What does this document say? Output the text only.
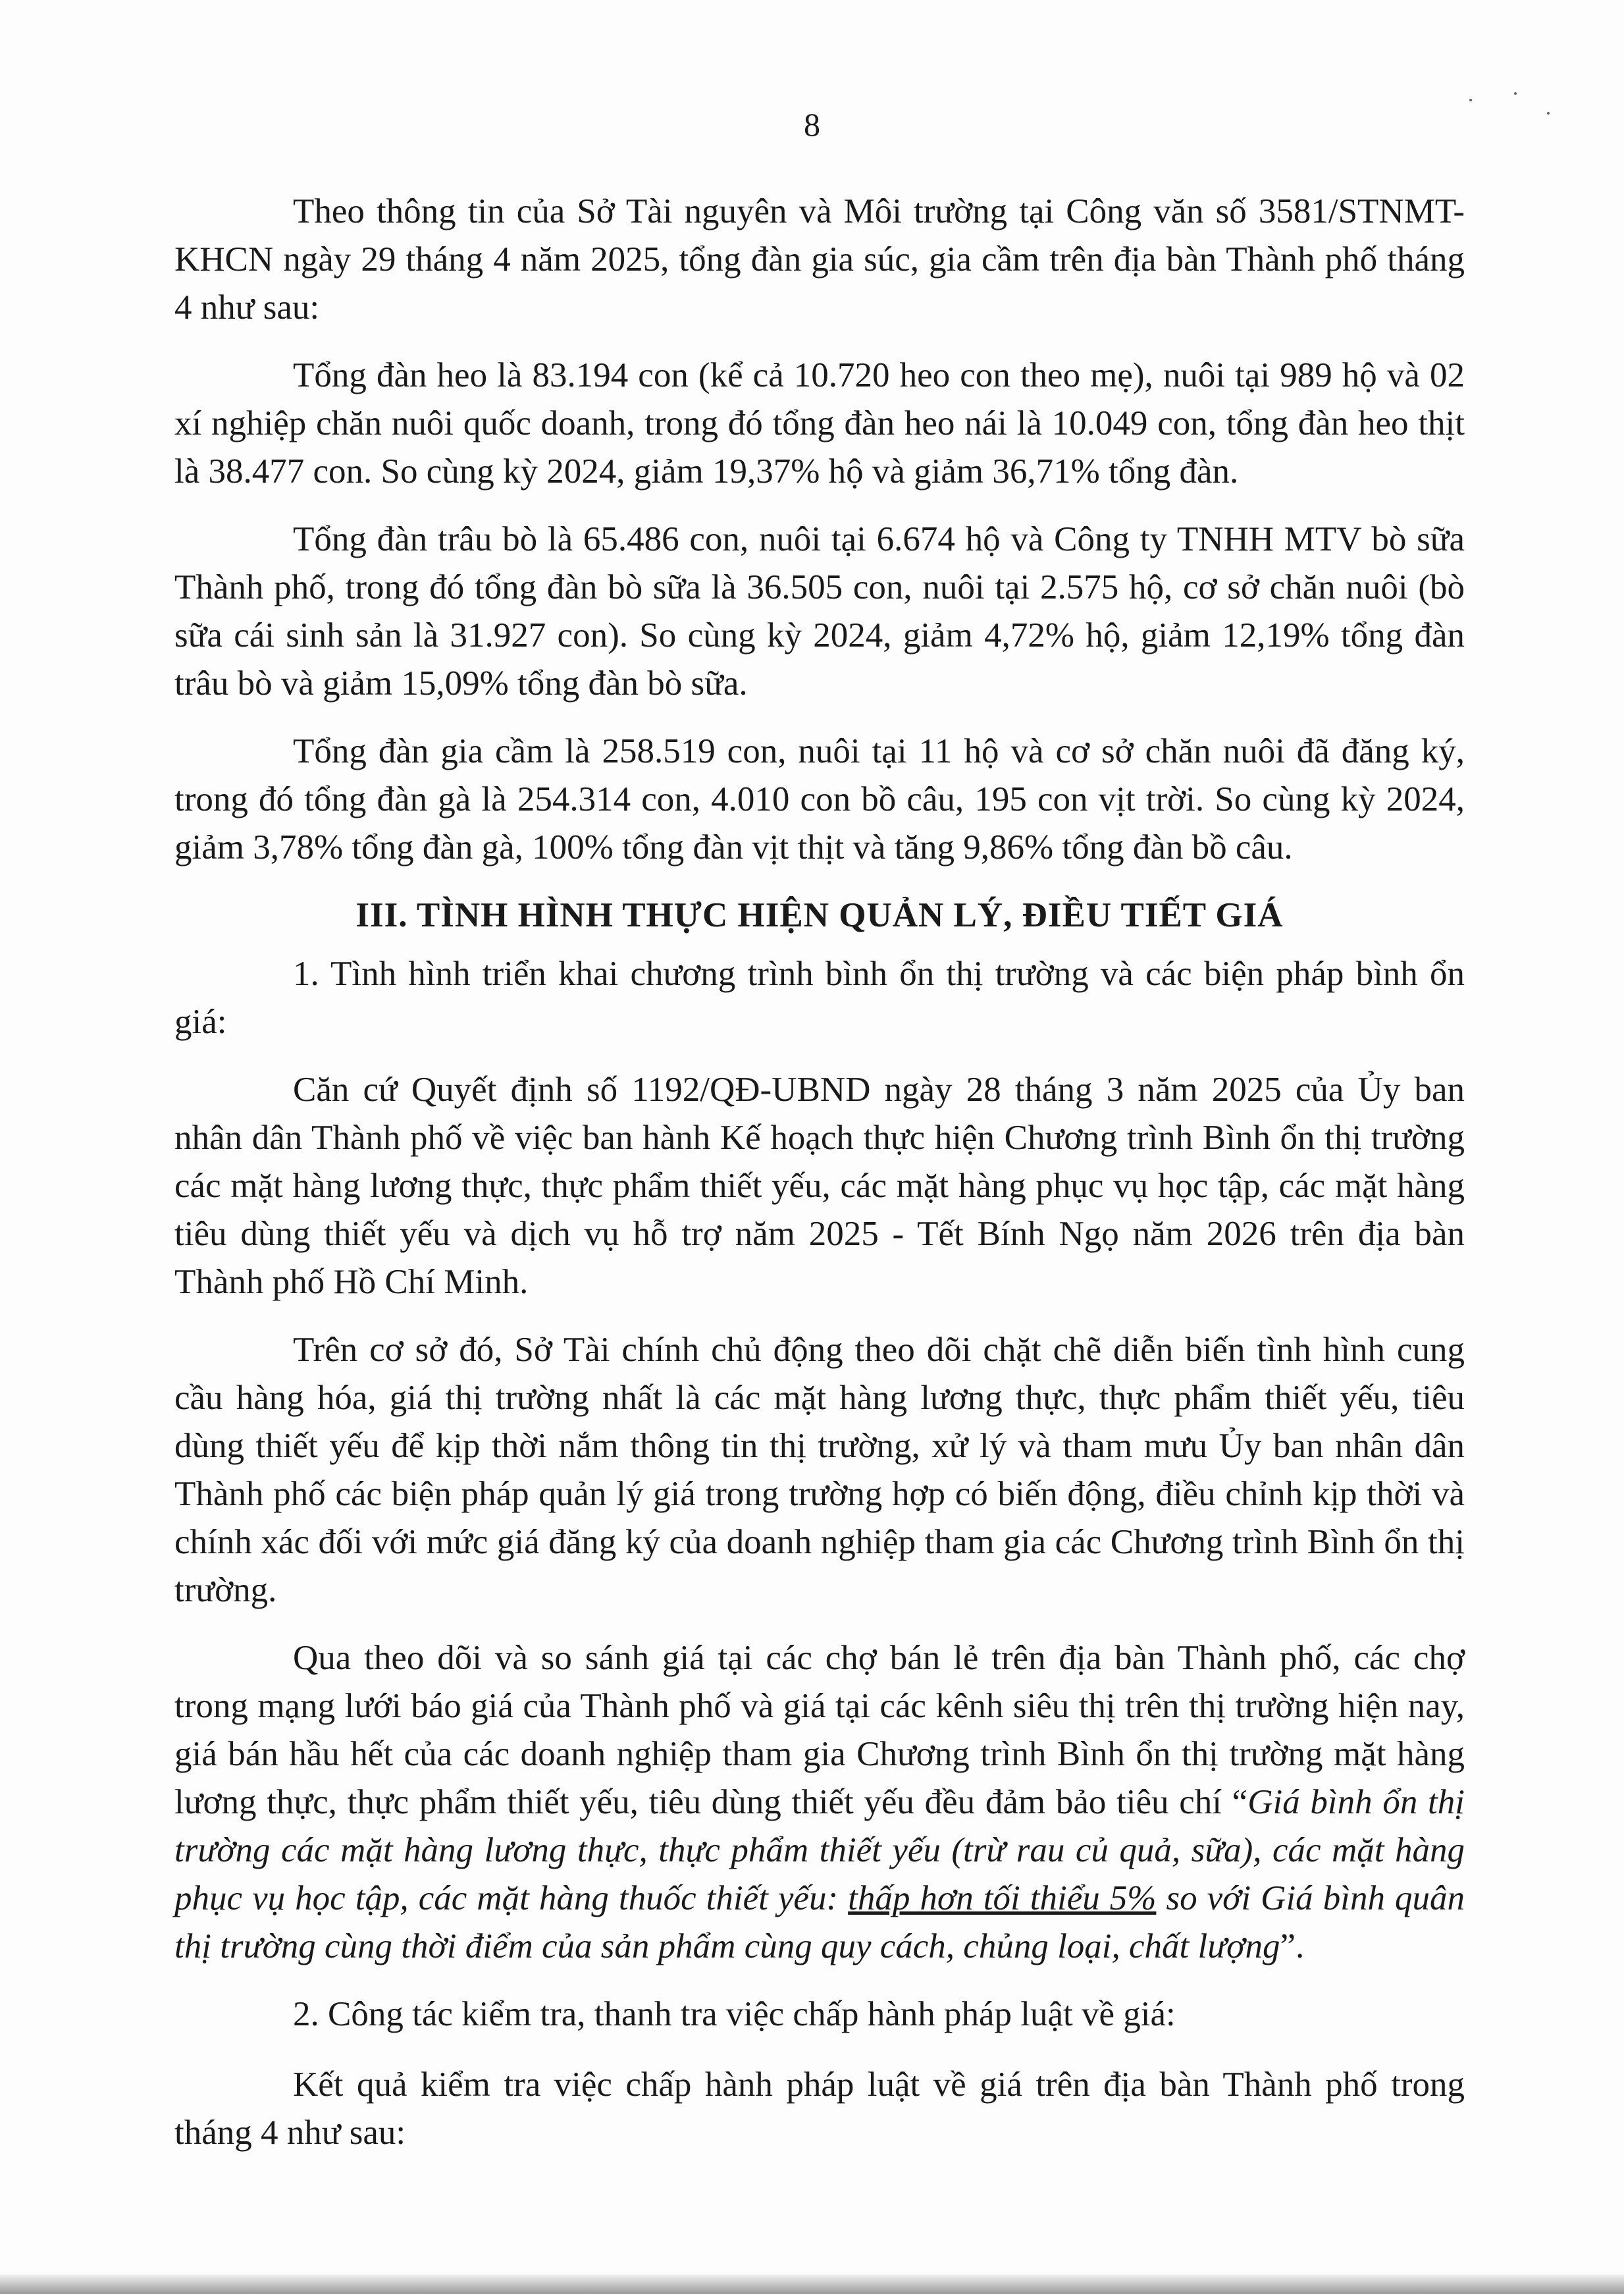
8

Theo thông tin của Sở Tài nguyên và Môi trường tại Công văn số 3581/STNMT-KHCN ngày 29 tháng 4 năm 2025, tổng đàn gia súc, gia cầm trên địa bàn Thành phố tháng 4 như sau:

Tổng đàn heo là 83.194 con (kể cả 10.720 heo con theo mẹ), nuôi tại 989 hộ và 02 xí nghiệp chăn nuôi quốc doanh, trong đó tổng đàn heo nái là 10.049 con, tổng đàn heo thịt là 38.477 con. So cùng kỳ 2024, giảm 19,37% hộ và giảm 36,71% tổng đàn.

Tổng đàn trâu bò là 65.486 con, nuôi tại 6.674 hộ và Công ty TNHH MTV bò sữa Thành phố, trong đó tổng đàn bò sữa là 36.505 con, nuôi tại 2.575 hộ, cơ sở chăn nuôi (bò sữa cái sinh sản là 31.927 con). So cùng kỳ 2024, giảm 4,72% hộ, giảm 12,19% tổng đàn trâu bò và giảm 15,09% tổng đàn bò sữa.

Tổng đàn gia cầm là 258.519 con, nuôi tại 11 hộ và cơ sở chăn nuôi đã đăng ký, trong đó tổng đàn gà là 254.314 con, 4.010 con bồ câu, 195 con vịt trời. So cùng kỳ 2024, giảm 3,78% tổng đàn gà, 100% tổng đàn vịt thịt và tăng 9,86% tổng đàn bồ câu.

III. TÌNH HÌNH THỰC HIỆN QUẢN LÝ, ĐIỀU TIẾT GIÁ

1. Tình hình triển khai chương trình bình ổn thị trường và các biện pháp bình ổn giá:

Căn cứ Quyết định số 1192/QĐ-UBND ngày 28 tháng 3 năm 2025 của Ủy ban nhân dân Thành phố về việc ban hành Kế hoạch thực hiện Chương trình Bình ổn thị trường các mặt hàng lương thực, thực phẩm thiết yếu, các mặt hàng phục vụ học tập, các mặt hàng tiêu dùng thiết yếu và dịch vụ hỗ trợ năm 2025 - Tết Bính Ngọ năm 2026 trên địa bàn Thành phố Hồ Chí Minh.

Trên cơ sở đó, Sở Tài chính chủ động theo dõi chặt chẽ diễn biến tình hình cung cầu hàng hóa, giá thị trường nhất là các mặt hàng lương thực, thực phẩm thiết yếu, tiêu dùng thiết yếu để kịp thời nắm thông tin thị trường, xử lý và tham mưu Ủy ban nhân dân Thành phố các biện pháp quản lý giá trong trường hợp có biến động, điều chỉnh kịp thời và chính xác đối với mức giá đăng ký của doanh nghiệp tham gia các Chương trình Bình ổn thị trường.

Qua theo dõi và so sánh giá tại các chợ bán lẻ trên địa bàn Thành phố, các chợ trong mạng lưới báo giá của Thành phố và giá tại các kênh siêu thị trên thị trường hiện nay, giá bán hầu hết của các doanh nghiệp tham gia Chương trình Bình ổn thị trường mặt hàng lương thực, thực phẩm thiết yếu, tiêu dùng thiết yếu đều đảm bảo tiêu chí “Giá bình ổn thị trường các mặt hàng lương thực, thực phẩm thiết yếu (trừ rau củ quả, sữa), các mặt hàng phục vụ học tập, các mặt hàng thuốc thiết yếu: thấp hơn tối thiểu 5% so với Giá bình quân thị trường cùng thời điểm của sản phẩm cùng quy cách, chủng loại, chất lượng”.

2. Công tác kiểm tra, thanh tra việc chấp hành pháp luật về giá:

Kết quả kiểm tra việc chấp hành pháp luật về giá trên địa bàn Thành phố trong tháng 4 như sau:
